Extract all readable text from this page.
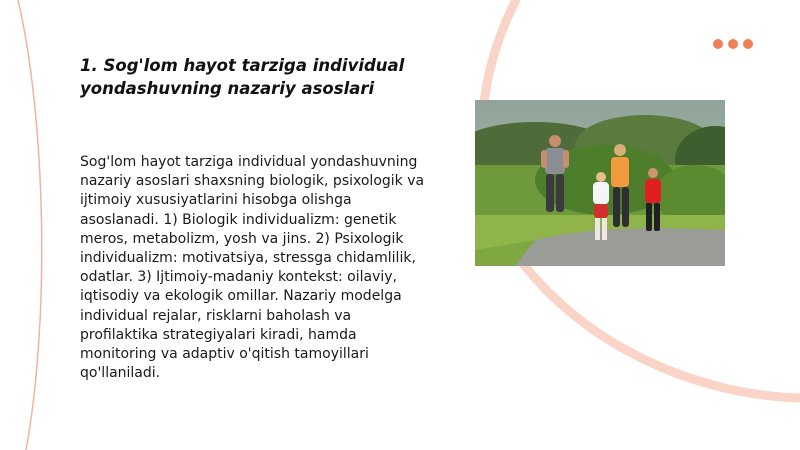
1. Sog'lom hayot tarziga individual yondashuvning nazariy asoslari
Sog'lom hayot tarziga individual yondashuvning nazariy asoslari shaxsning biologik, psixologik va ijtimoiy xususiyatlarini hisobga olishga asoslanadi. 1) Biologik individualizm: genetik meros, metabolizm, yosh va jins. 2) Psixologik individualizm: motivatsiya, stressga chidamlilik, odatlar. 3) Ijtimoiy-madaniy kontekst: oilaviy, iqtisodiy va ekologik omillar. Nazariy modelga individual rejalar, risklarni baholash va profilaktika strategiyalari kiradi, hamda monitoring va adaptiv o'qitish tamoyillari qo'llaniladi.
